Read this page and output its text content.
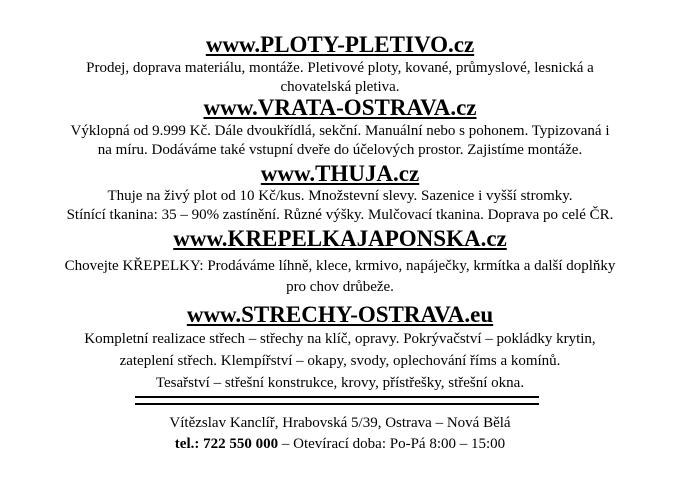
www.PLOTY-PLETIVO.cz
Prodej, doprava materiálu, montáže. Pletivové ploty, kované, průmyslové, lesnická a
chovatelská pletiva.
www.VRATA-OSTRAVA.cz
Výklopná od 9.999 Kč. Dále dvoukřídlá, sekční. Manuální nebo s pohonem. Typizovaná i
na míru. Dodáváme také vstupní dveře do účelových prostor. Zajistíme montáže.
www.THUJA.cz
Thuje na živý plot od 10 Kč/kus. Množstevní slevy. Sazenice i vyšší stromky.
Stínící tkanina: 35 – 90% zastínění. Různé výšky. Mulčovací tkanina. Doprava po celé ČR.
www.KREPELKAJAPONSKA.cz
Chovejte KŘEPELKY: Prodáváme líhně, klece, krmivo, napáječky, krmítka a další doplňky
pro chov drůbeže.
www.STRECHY-OSTRAVA.eu
Kompletní realizace střech – střechy na klíč, opravy. Pokrývačství – pokládky krytin,
zateplení střech. Klempířství – okapy, svody, oplechování říms a komínů.
Tesařství – střešní konstrukce, krovy, přístřešky, střešní okna.
Vítězslav Kanclíř, Hrabovská 5/39, Ostrava – Nová Bělá
tel.: 722 550 000 – Otevírací doba: Po-Pá 8:00 – 15:00
